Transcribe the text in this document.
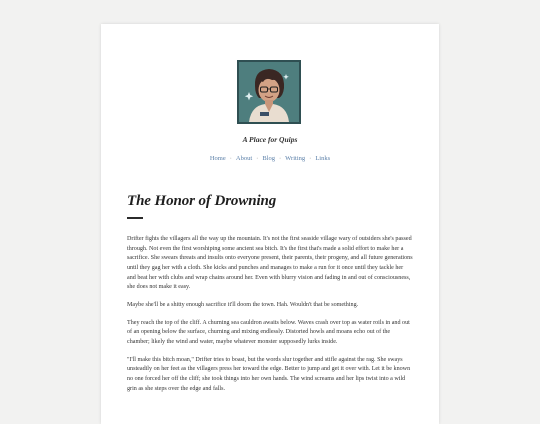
A Place for Quips
Home · About · Blog · Writing · Links
The Honor of Drowning

Drifter fights the villagers all the way up the mountain. It's not the first seaside village wary of outsiders she's passed through. Not even the first worshiping some ancient sea bitch. It's the first that's made a solid effort to make her a sacrifice. She swears threats and insults onto everyone present, their parents, their progeny, and all future generations until they gag her with a cloth. She kicks and punches and manages to make a run for it once until they tackle her and beat her with clubs and wrap chains around her. Even with blurry vision and fading in and out of consciousness, she does not make it easy.

Maybe she'll be a shitty enough sacrifice it'll doom the town. Hah. Wouldn't that be something.

They reach the top of the cliff. A churning sea cauldron awaits below. Waves crash over top as water roils in and out of an opening below the surface, churning and mixing endlessly. Distorted howls and moans echo out of the chamber; likely the wind and water, maybe whatever monster supposedly lurks inside.

"I'll make this bitch moan," Drifter tries to boast, but the words slur together and stifle against the rag. She sways unsteadily on her feet as the villagers press her toward the edge. Better to jump and get it over with. Let it be known no one forced her off the cliff; she took things into her own hands. The wind screams and her lips twist into a wild grin as she steps over the edge and falls.
